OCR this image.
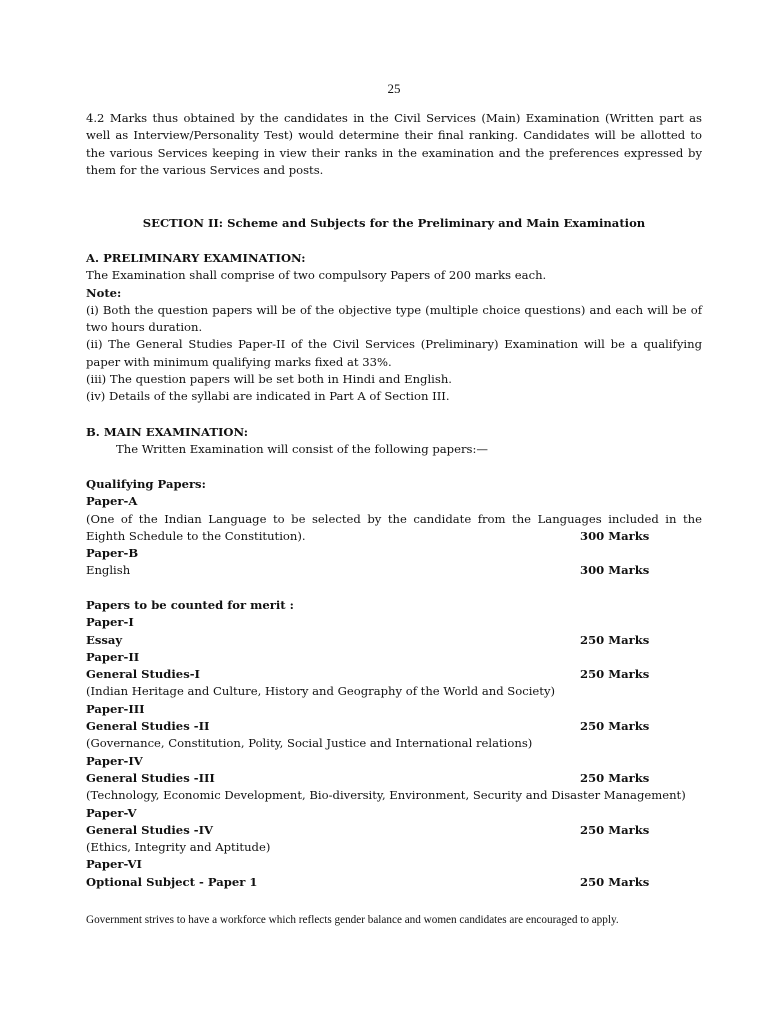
25

4.2 Marks thus obtained by the candidates in the Civil Services (Main) Examination (Written part as well as Interview/Personality Test) would determine their final ranking. Candidates will be allotted to the various Services keeping in view their ranks in the examination and the preferences expressed by them for the various Services and posts.

SECTION II: Scheme and Subjects for the Preliminary and Main Examination
A. PRELIMINARY EXAMINATION:
The Examination shall comprise of two compulsory Papers of 200 marks each.
Note:

(i) Both the question papers will be of the objective type (multiple choice questions) and each will be of two hours duration.

(ii) The General Studies Paper-II of the Civil Services (Preliminary) Examination will be a qualifying paper with minimum qualifying marks fixed at 33%.

(iii) The question papers will be set both in Hindi and English.

(iv) Details of the syllabi are indicated in Part A of Section III.

B. MAIN EXAMINATION:
The Written Examination will consist of the following papers:—
Qualifying Papers:
Paper-A
(One of the Indian Language to be selected by the candidate from the Languages included in the
Eighth Schedule to the Constitution).	300 Marks
Paper-B
English	300 Marks
Papers to be counted for merit :
Paper-I
Essay	250 Marks
Paper-II
General Studies-I	250 Marks
(Indian Heritage and Culture, History and Geography of the World and Society)
Paper-III
General Studies -II	250 Marks
(Governance, Constitution, Polity, Social Justice and International relations)
Paper-IV
General Studies -III	250 Marks
(Technology, Economic Development, Bio-diversity, Environment, Security and Disaster Management)
Paper-V
General Studies -IV	250 Marks
(Ethics, Integrity and Aptitude)
Paper-VI
Optional Subject - Paper 1	250 Marks
Government strives to have a workforce which reflects gender balance and women candidates are encouraged to apply.
